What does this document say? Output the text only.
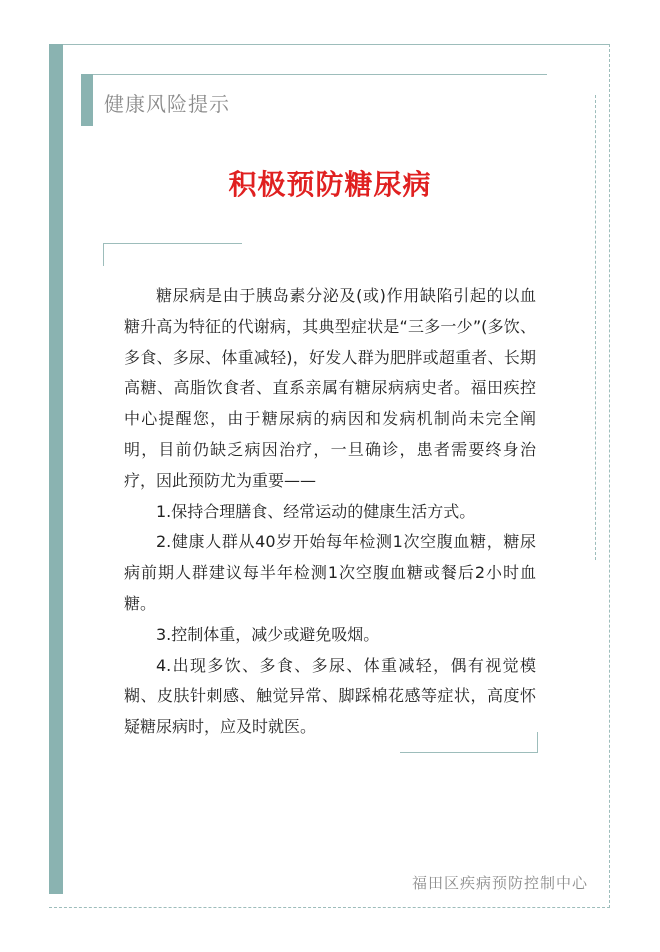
健康风险提示
积极预防糖尿病

糖尿病是由于胰岛素分泌及(或)作用缺陷引起的以血糖升高为特征的代谢病，其典型症状是“三多一少”(多饮、多食、多尿、体重减轻)，好发人群为肥胖或超重者、长期高糖、高脂饮食者、直系亲属有糖尿病病史者。福田疾控中心提醒您，由于糖尿病的病因和发病机制尚未完全阐明，目前仍缺乏病因治疗，一旦确诊，患者需要终身治疗，因此预防尤为重要——

1.保持合理膳食、经常运动的健康生活方式。

2.健康人群从40岁开始每年检测1次空腹血糖，糖尿病前期人群建议每半年检测1次空腹血糖或餐后2小时血糖。

3.控制体重，减少或避免吸烟。

4.出现多饮、多食、多尿、体重减轻，偶有视觉模糊、皮肤针刺感、触觉异常、脚踩棉花感等症状，高度怀疑糖尿病时，应及时就医。

福田区疾病预防控制中心
